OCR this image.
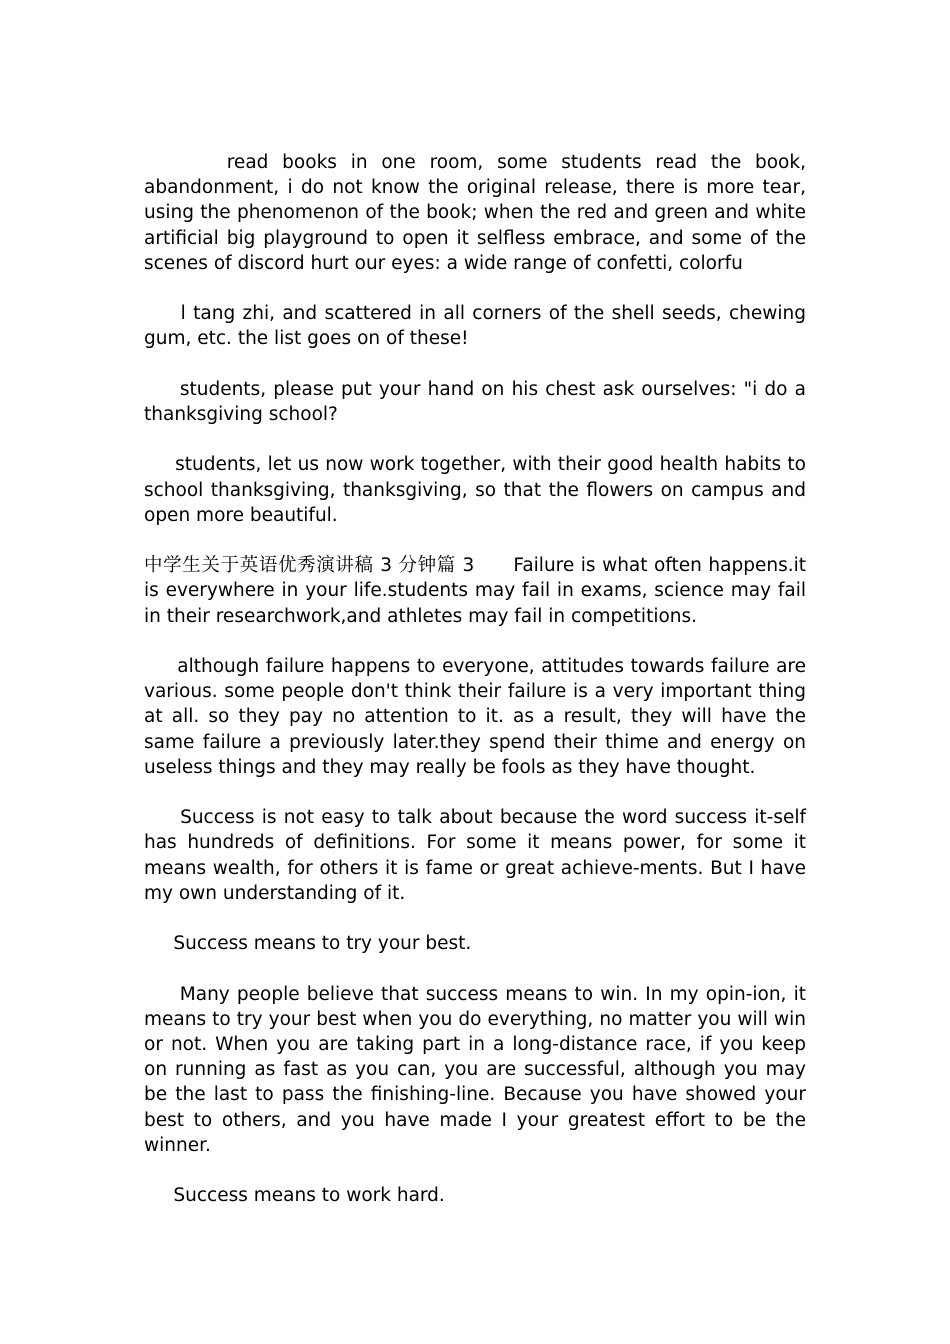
read books in one room, some students read the book, abandonment, i do not know the original release, there is more tear, using the phenomenon of the book; when the red and green and white artificial big playground to open it selfless embrace, and some of the scenes of discord hurt our eyes: a wide range of confetti, colorfu

l tang zhi, and scattered in all corners of the shell seeds, chewing gum, etc. the list goes on of these!

students, please put your hand on his chest ask ourselves: "i do a thanksgiving school?

students, let us now work together, with their good health habits to school thanksgiving, thanksgiving, so that the flowers on campus and open more beautiful.

中学生关于英语优秀演讲稿 3 分钟篇 3      Failure is what often happens.it is everywhere in your life.students may fail in exams, science may fail in their researchwork,and athletes may fail in competitions.

although failure happens to everyone, attitudes towards failure are various. some people don't think their failure is a very important thing at all. so they pay no attention to it. as a result, they will have the same failure a previously later.they spend their thime and energy on useless things and they may really be fools as they have thought.

Success is not easy to talk about because the word success it-self has hundreds of definitions. For some it means power, for some it means wealth, for others it is fame or great achieve-ments. But I have my own understanding of it.

Success means to try your best.

Many people believe that success means to win. In my opin-ion, it means to try your best when you do everything, no matter you will win or not. When you are taking part in a long-distance race, if you keep on running as fast as you can, you are successful, although you may be the last to pass the finishing-line. Because you have showed your best to others, and you have made I your greatest effort to be the winner.

Success means to work hard.
